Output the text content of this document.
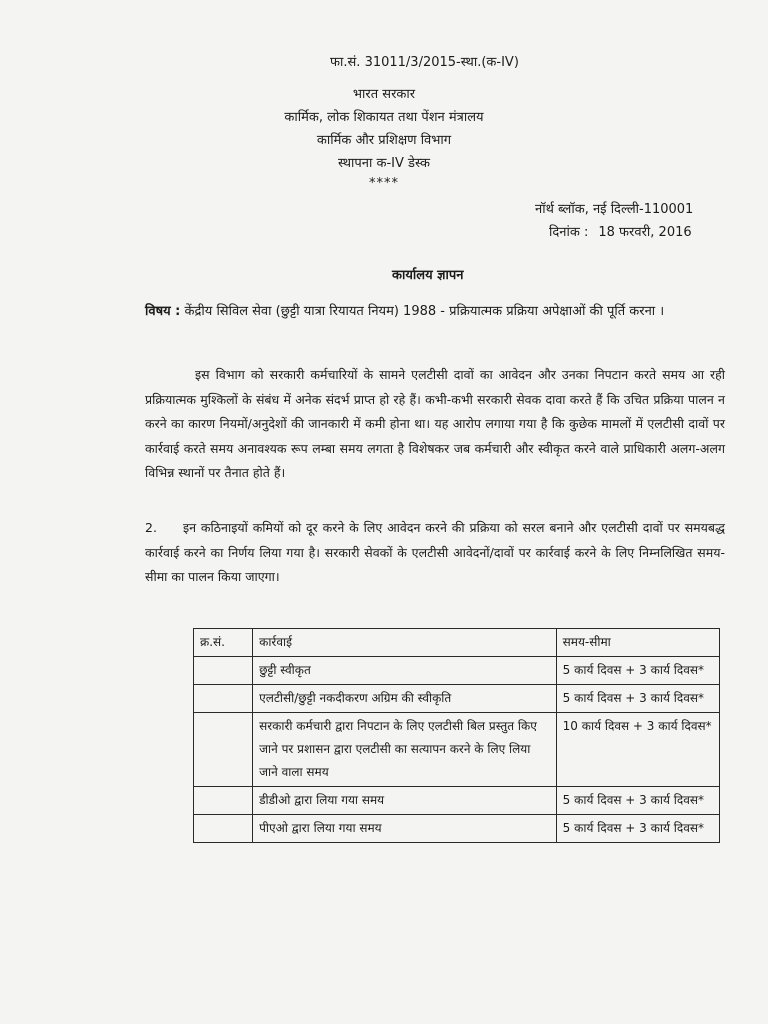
फा.सं. 31011/3/2015-स्था.(क-IV)
भारत सरकार
कार्मिक, लोक शिकायत तथा पेंशन मंत्रालय
कार्मिक और प्रशिक्षण विभाग
स्थापना क-IV डेस्क
****
नॉर्थ ब्लॉक, नई दिल्ली-110001
दिनांक : 18 फरवरी, 2016
कार्यालय ज्ञापन
विषय : केंद्रीय सिविल सेवा (छुट्टी यात्रा रियायत नियम) 1988 - प्रक्रियात्मक प्रक्रिया अपेक्षाओं की पूर्ति करना ।
इस विभाग को सरकारी कर्मचारियों के सामने एलटीसी दावों का आवेदन और उनका निपटान करते समय आ रही प्रक्रियात्मक मुश्किलों के संबंध में अनेक संदर्भ प्राप्त हो रहे हैं। कभी-कभी सरकारी सेवक दावा करते हैं कि उचित प्रक्रिया पालन न करने का कारण नियमों/अनुदेशों की जानकारी में कमी होना था। यह आरोप लगाया गया है कि कुछेक मामलों में एलटीसी दावों पर कार्रवाई करते समय अनावश्यक रूप लम्बा समय लगता है विशेषकर जब कर्मचारी और स्वीकृत करने वाले प्राधिकारी अलग-अलग विभिन्न स्थानों पर तैनात होते हैं।
2. इन कठिनाइयों कमियों को दूर करने के लिए आवेदन करने की प्रक्रिया को सरल बनाने और एलटीसी दावों पर समयबद्ध कार्रवाई करने का निर्णय लिया गया है। सरकारी सेवकों के एलटीसी आवेदनों/दावों पर कार्रवाई करने के लिए निम्नलिखित समय-सीमा का पालन किया जाएगा।
क्र.सं.	कार्रवाई	समय-सीमा
	छुट्टी स्वीकृत	5 कार्य दिवस + 3 कार्य दिवस*
	एलटीसी/छुट्टी नकदीकरण अग्रिम की स्वीकृति	5 कार्य दिवस + 3 कार्य दिवस*
	सरकारी कर्मचारी द्वारा निपटान के लिए एलटीसी बिल प्रस्तुत किए जाने पर प्रशासन द्वारा एलटीसी का सत्यापन करने के लिए लिया जाने वाला समय	10 कार्य दिवस + 3 कार्य दिवस*
	डीडीओ द्वारा लिया गया समय	5 कार्य दिवस + 3 कार्य दिवस*
	पीएओ द्वारा लिया गया समय	5 कार्य दिवस + 3 कार्य दिवस*
